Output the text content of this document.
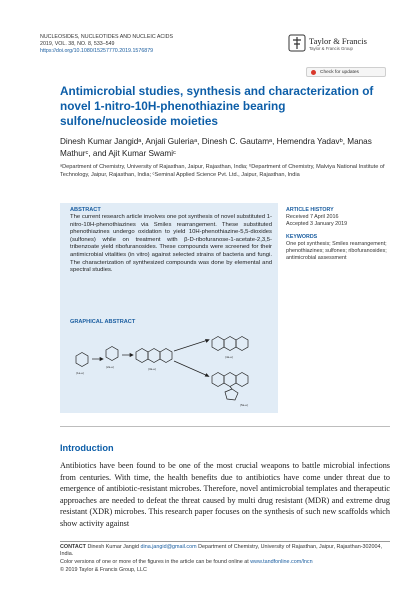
NUCLEOSIDES, NUCLEOTIDES AND NUCLEIC ACIDS
2019, VOL. 38, NO. 8, 533–549
https://doi.org/10.1080/15257770.2019.1576879
Taylor & Francis
Taylor & Francis Group
Check for updates
Antimicrobial studies, synthesis and characterization of novel 1-nitro-10H-phenothiazine bearing sulfone/nucleoside moieties
Dinesh Kumar Jangidᵃ, Anjali Guleriaᵃ, Dinesh C. Gautamᵃ, Hemendra Yadavᵇ, Manas Mathurᶜ, and Ajit Kumar Swamiᶜ
ᵃDepartment of Chemistry, University of Rajasthan, Jaipur, Rajasthan, India; ᵇDepartment of Chemistry, Malviya National Institute of Technology, Jaipur, Rajasthan, India; ᶜSeminal Applied Science Pvt. Ltd., Jaipur, Rajasthan, India
ABSTRACT
The current research article involves one pot synthesis of novel substituted 1-nitro-10H-phenothiazines via Smiles rearrangement. These substituted phenothiazines undergo oxidation to yield 10H-phenothiazine-5,5-dioxides (sulfones) while on treatment with β-D-ribofuranose-1-acetate-2,3,5-tribenzoate yield ribofuranosides. These compounds were screened for their antimicrobial vitalities (in vitro) against selected strains of bacteria and fungi. The characterization of synthesized compounds was done by elemental and spectral studies.
GRAPHICAL ABSTRACT
(1a-e)
(2a-e)	(3a-e)
(4a-e)
(5a-e)
ARTICLE HISTORY
Received 7 April 2016
Accepted 3 January 2019
KEYWORDS
One pot synthesis; Smiles rearrangement; phenothiazines; sulfones; ribofuranosides; antimicrobial assessment
Introduction
Antibiotics have been found to be one of the most crucial weapons to battle microbial infections from centuries. With time, the health benefits due to antibiotics have come under threat due to emergence of antibiotic-resistant microbes. Therefore, novel antimicrobial templates and therapeutic approaches are needed to defeat the threat caused by multi drug resistant (MDR) and extreme drug resistant (XDR) microbes. This research paper focuses on the synthesis of such new scaffolds which show activity against
CONTACT Dinesh Kumar Jangid dina.jangid@gmail.com Department of Chemistry, University of Rajasthan, Jaipur, Rajasthan-302004, India.
Color versions of one or more of the figures in the article can be found online at www.tandfonline.com/lncn
© 2019 Taylor & Francis Group, LLC
